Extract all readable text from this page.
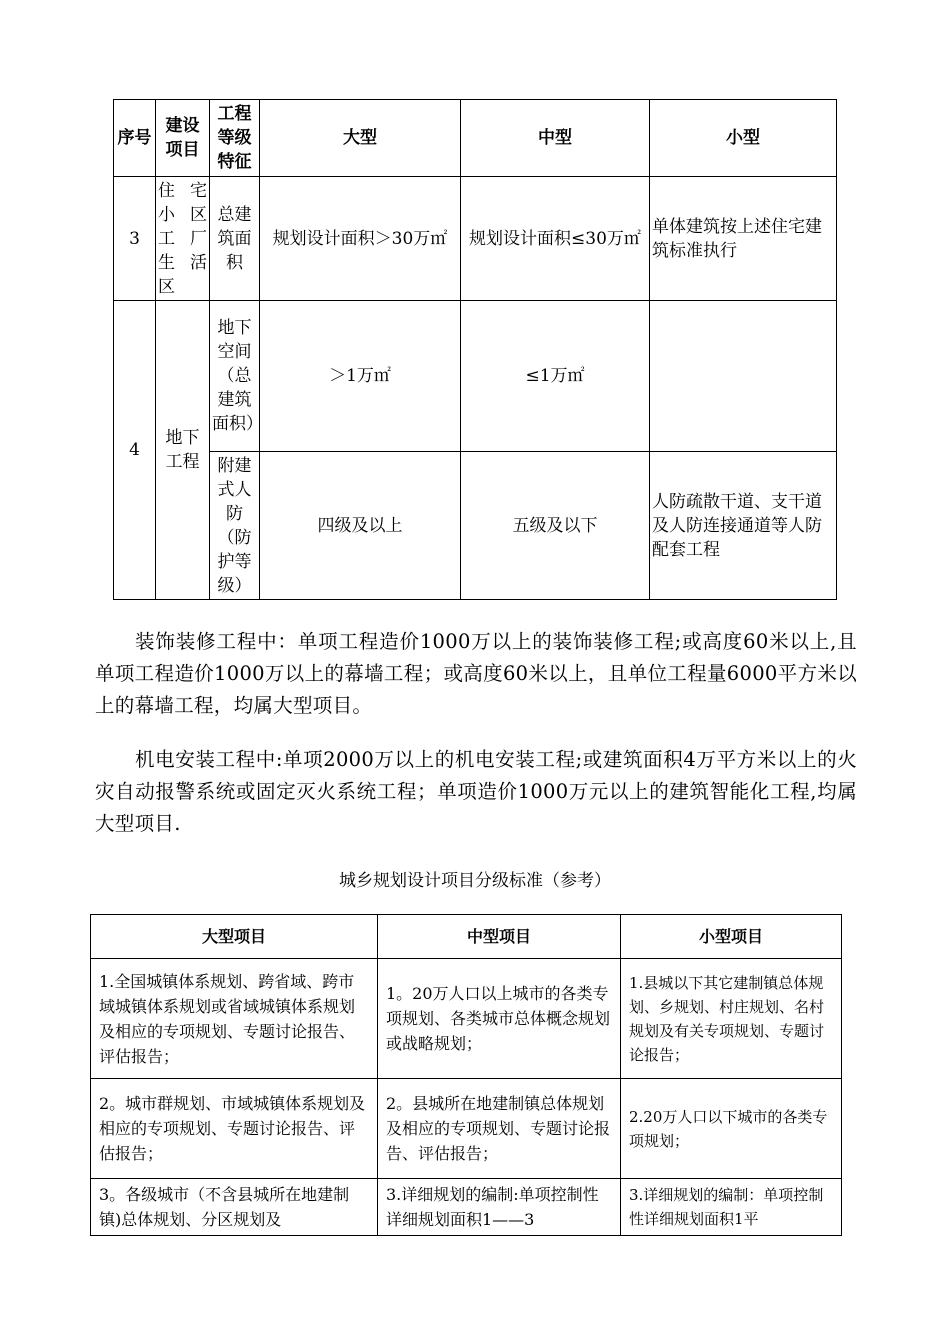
序号	建设项目	工程等级特征	大型	中型	小型
3	住宅小区工厂生活区	总建筑面积	规划设计面积＞30万㎡	规划设计面积≤30万㎡	单体建筑按上述住宅建筑标准执行
4	地下工程	地下空间（总建筑面积）	＞1万㎡	≤1万㎡	
		附建式人防（防护等级）	四级及以上	五级及以下	人防疏散干道、支干道及人防连接通道等人防配套工程

装饰装修工程中：单项工程造价1000万以上的装饰装修工程;或高度60米以上,且单项工程造价1000万以上的幕墙工程；或高度60米以上，且单位工程量6000平方米以上的幕墙工程，均属大型项目。

机电安装工程中:单项2000万以上的机电安装工程;或建筑面积4万平方米以上的火灾自动报警系统或固定灭火系统工程；单项造价1000万元以上的建筑智能化工程,均属大型项目.

城乡规划设计项目分级标准（参考）
大型项目	中型项目	小型项目
1.全国城镇体系规划、跨省域、跨市域城镇体系规划或省域城镇体系规划及相应的专项规划、专题讨论报告、评估报告；	1。20万人口以上城市的各类专项规划、各类城市总体概念规划或战略规划；	1.县城以下其它建制镇总体规划、乡规划、村庄规划、名村规划及有关专项规划、专题讨论报告；
2。城市群规划、市域城镇体系规划及相应的专项规划、专题讨论报告、评估报告；	2。县城所在地建制镇总体规划及相应的专项规划、专题讨论报告、评估报告；	2.20万人口以下城市的各类专项规划；
3。各级城市（不含县城所在地建制镇)总体规划、分区规划及	3.详细规划的编制:单项控制性详细规划面积1——3	3.详细规划的编制：单项控制性详细规划面积1平
